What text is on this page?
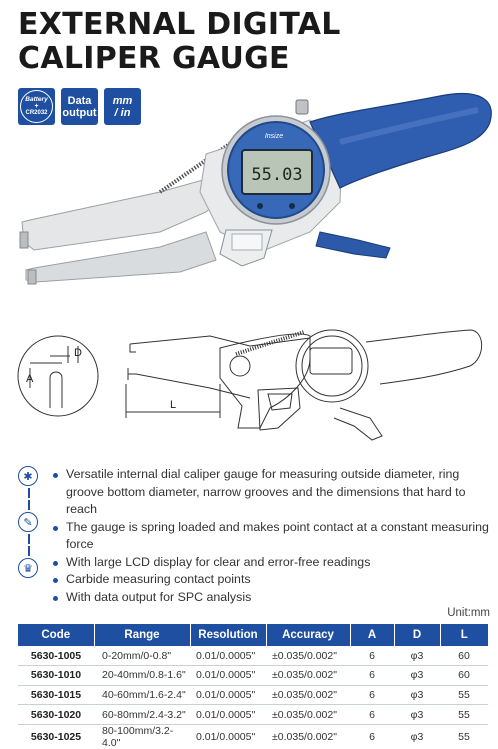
EXTERNAL DIGITAL
CALIPER GAUGE
55.03
Insize
Battery
+
CR2032
Data
output
mm
/ in
D
A
L
✱
✎
♛
Versatile internal dial caliper gauge for measuring outside diameter, ring groove bottom diameter, narrow grooves and the dimensions that hard to reach
The gauge is spring loaded and makes point contact at a constant measuring force
With large LCD display for clear and error-free readings
Carbide measuring contact points
With data output for SPC analysis
Unit:mm
Code	Range	Resolution	Accuracy	A	D	L
5630-1005	0-20mm/0-0.8"	0.01/0.0005"	±0.035/0.002"	6	φ3	60
5630-1010	20-40mm/0.8-1.6"	0.01/0.0005"	±0.035/0.002"	6	φ3	60
5630-1015	40-60mm/1.6-2.4"	0.01/0.0005"	±0.035/0.002"	6	φ3	55
5630-1020	60-80mm/2.4-3.2"	0.01/0.0005"	±0.035/0.002"	6	φ3	55
5630-1025	80-100mm/3.2-4.0"	0.01/0.0005"	±0.035/0.002"	6	φ3	55
